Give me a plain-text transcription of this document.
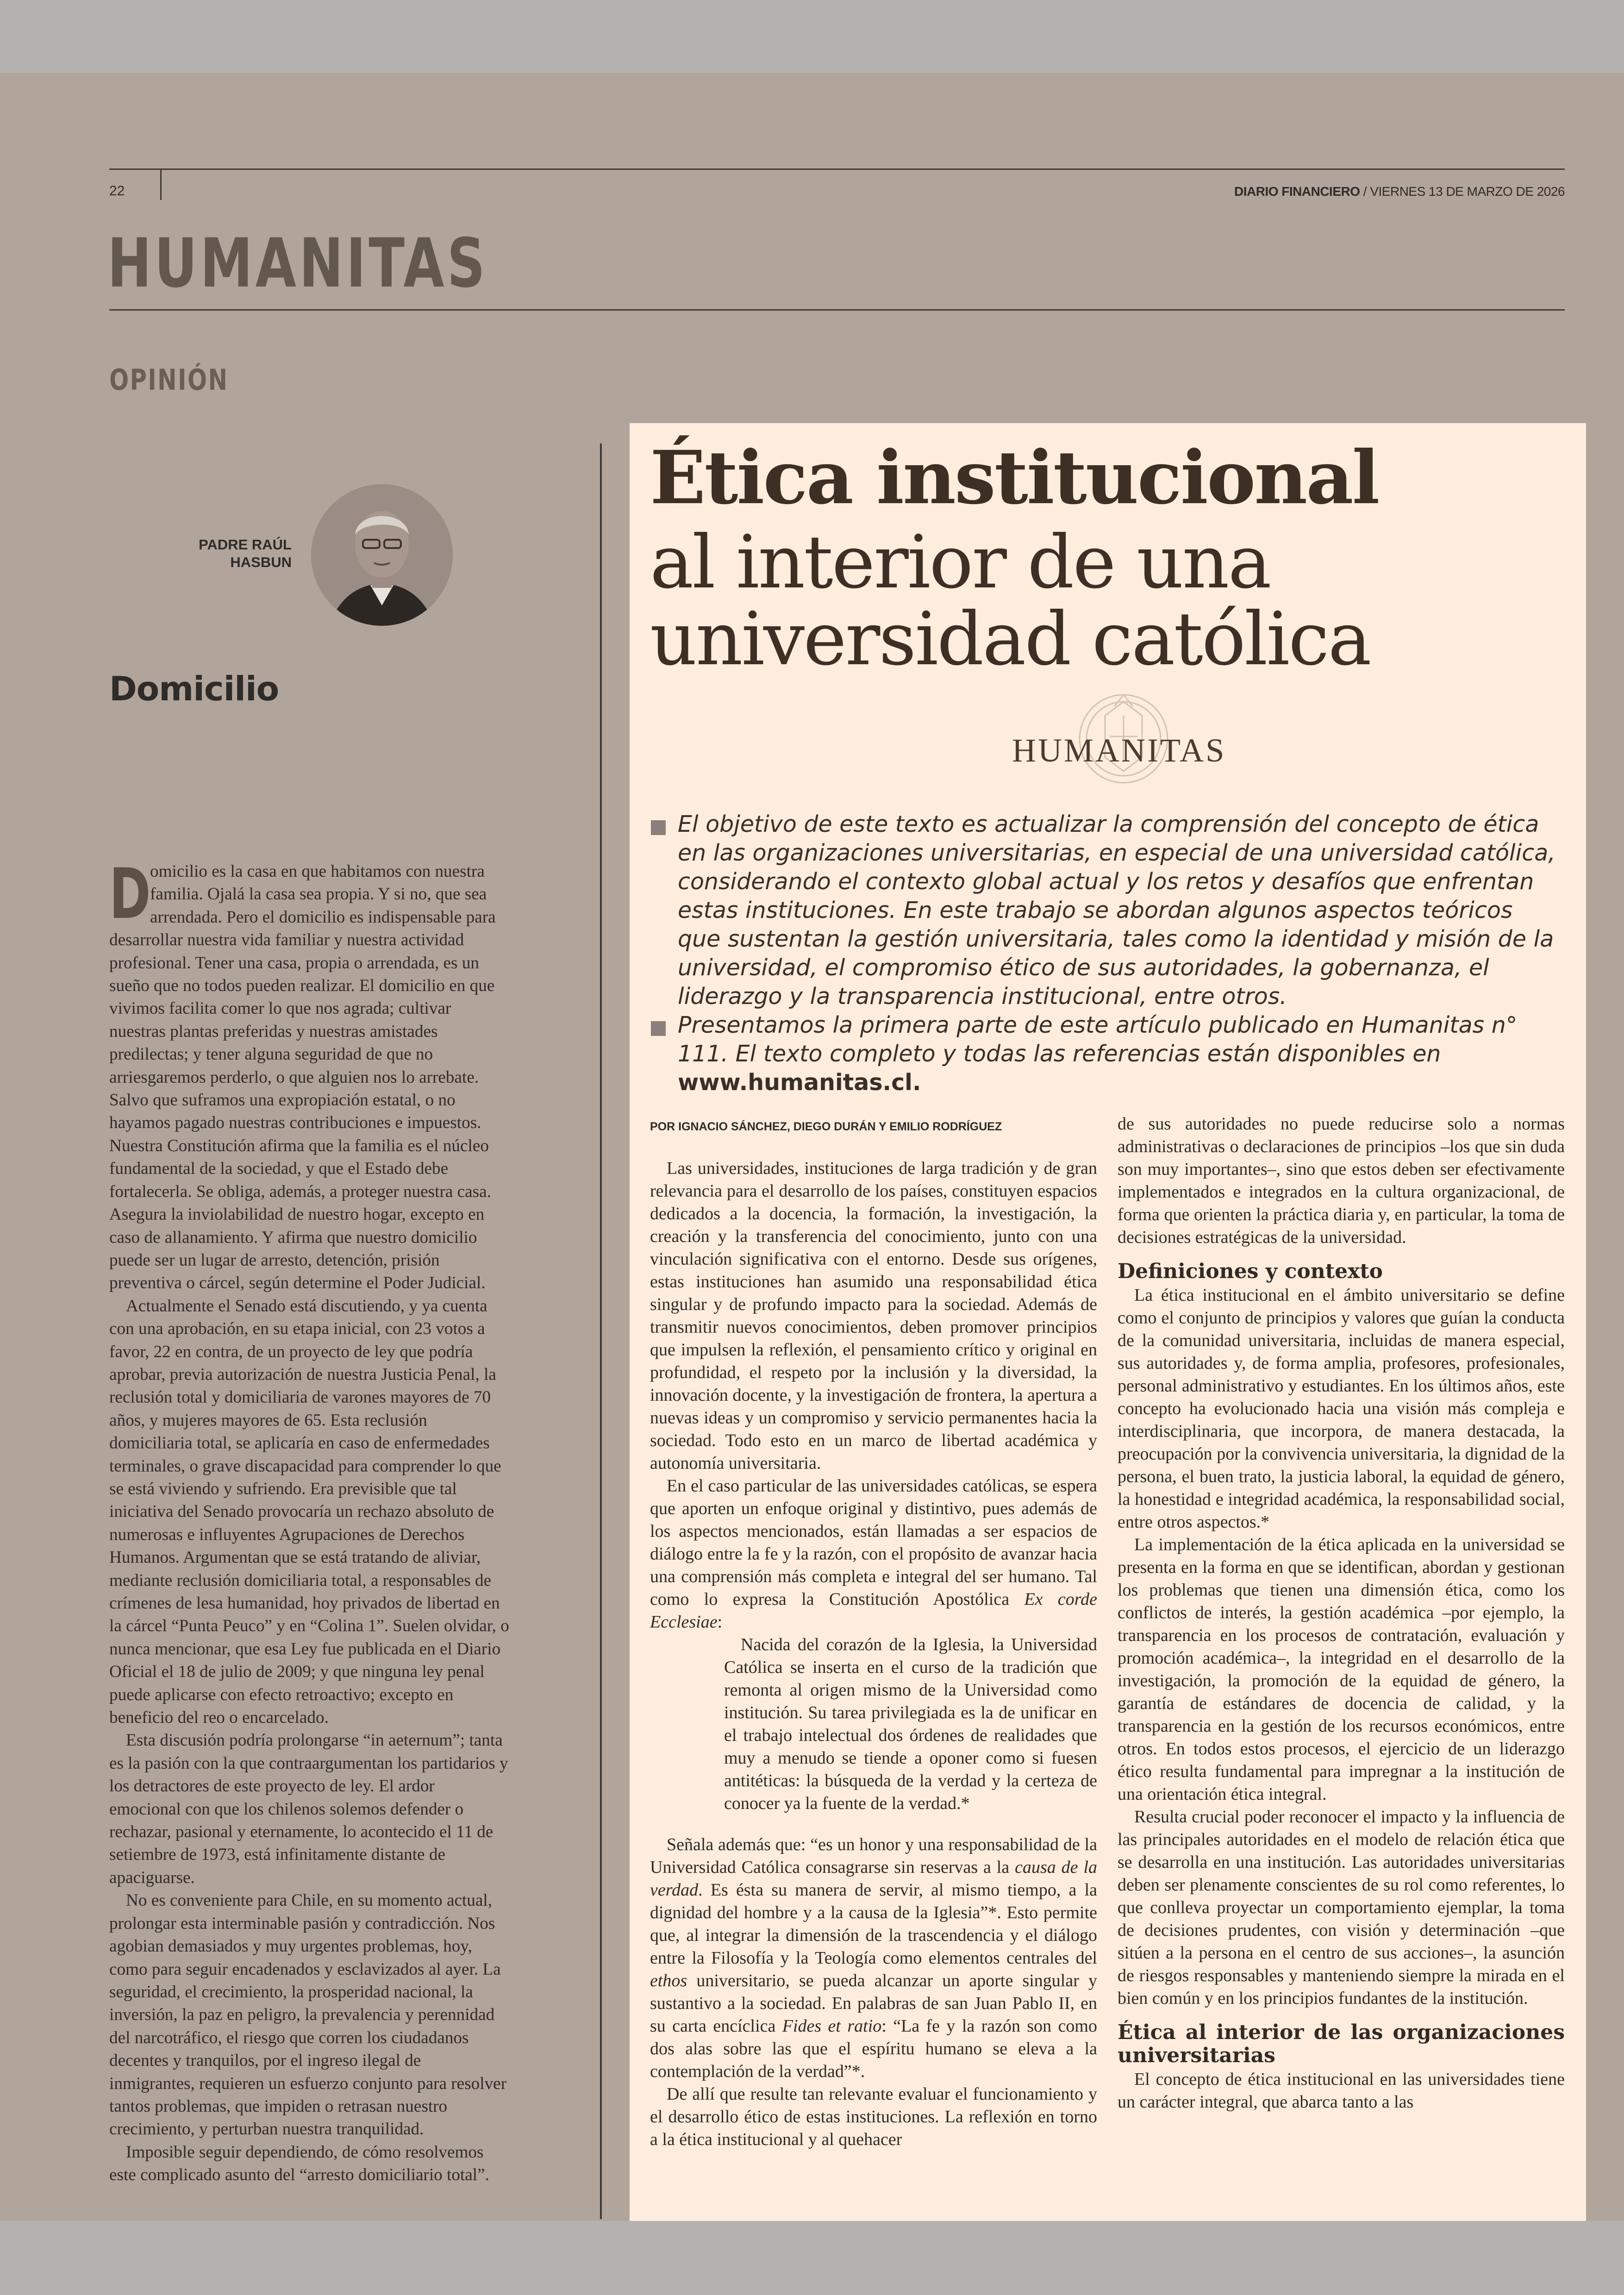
22	DIARIO FINANCIERO / VIERNES 13 DE MARZO DE 2026
HUMANITAS
OPINIÓN
PADRE RAÚL
HASBUN
Domicilio

D
omicilio es la casa en que habitamos con nuestra familia. Ojalá la casa sea propia. Y si no, que sea arrendada. Pero el domicilio es indispensable para desarrollar nuestra vida familiar y nuestra actividad profesional. Tener una casa, propia o arrendada, es un sueño que no todos pueden realizar. El domicilio en que vivimos facilita comer lo que nos agrada; cultivar nuestras plantas preferidas y nuestras amistades predilectas; y tener alguna seguridad de que no arriesgaremos perderlo, o que alguien nos lo arrebate. Salvo que suframos una expropiación estatal, o no hayamos pagado nuestras contribuciones e impuestos. Nuestra Constitución afirma que la familia es el núcleo fundamental de la sociedad, y que el Estado debe fortalecerla. Se obliga, además, a proteger nuestra casa. Asegura la inviolabilidad de nuestro hogar, excepto en caso de allanamiento. Y afirma que nuestro domicilio puede ser un lugar de arresto, detención, prisión preventiva o cárcel, según determine el Poder Judicial.

Actualmente el Senado está discutiendo, y ya cuenta con una aprobación, en su etapa inicial, con 23 votos a favor, 22 en contra, de un proyecto de ley que podría aprobar, previa autorización de nuestra Justicia Penal, la reclusión total y domiciliaria de varones mayores de 70 años, y mujeres mayores de 65. Esta reclusión domiciliaria total, se aplicaría en caso de enfermedades terminales, o grave discapacidad para comprender lo que se está viviendo y sufriendo. Era previsible que tal iniciativa del Senado provocaría un rechazo absoluto de numerosas e influyentes Agrupaciones de Derechos Humanos. Argumentan que se está tratando de aliviar, mediante reclusión domiciliaria total, a responsables de crímenes de lesa humanidad, hoy privados de libertad en la cárcel “Punta Peuco” y en “Colina 1”. Suelen olvidar, o nunca mencionar, que esa Ley fue publicada en el Diario Oficial el 18 de julio de 2009; y que ninguna ley penal puede aplicarse con efecto retroactivo; excepto en beneficio del reo o encarcelado.

Esta discusión podría prolongarse “in aeternum”; tanta es la pasión con la que contraargumentan los partidarios y los detractores de este proyecto de ley. El ardor emocional con que los chilenos solemos defender o rechazar, pasional y eternamente, lo acontecido el 11 de setiembre de 1973, está infinitamente distante de apaciguarse.

No es conveniente para Chile, en su momento actual, prolongar esta interminable pasión y contradicción. Nos agobian demasiados y muy urgentes problemas, hoy, como para seguir encadenados y esclavizados al ayer. La seguridad, el crecimiento, la prosperidad nacional, la inversión, la paz en peligro, la prevalencia y perennidad del narcotráfico, el riesgo que corren los ciudadanos decentes y tranquilos, por el ingreso ilegal de inmigrantes, requieren un esfuerzo conjunto para resolver tantos problemas, que impiden o retrasan nuestro crecimiento, y perturban nuestra tranquilidad.

Imposible seguir dependiendo, de cómo resolvemos este complicado asunto del “arresto domiciliario total”.

Ética institucional
al interior de una
universidad católica
HUMANITAS

El objetivo de este texto es actualizar la comprensión del concepto de ética en las organizaciones universitarias, en especial de una universidad católica, considerando el contexto global actual y los retos y desafíos que enfrentan estas instituciones. En este trabajo se abordan algunos aspectos teóricos que sustentan la gestión universitaria, tales como la identidad y misión de la universidad, el compromiso ético de sus autoridades, la gobernanza, el liderazgo y la transparencia institucional, entre otros.

Presentamos la primera parte de este artículo publicado en Humanitas n° 111. El texto completo y todas las referencias están disponibles en www.humanitas.cl.

POR IGNACIO SÁNCHEZ, DIEGO DURÁN Y EMILIO RODRÍGUEZ

Las universidades, instituciones de larga tradición y de gran relevancia para el desarrollo de los países, constituyen espacios dedicados a la docencia, la formación, la investigación, la creación y la transferencia del conocimiento, junto con una vinculación significativa con el entorno. Desde sus orígenes, estas instituciones han asumido una responsabilidad ética singular y de profundo impacto para la sociedad. Además de transmitir nuevos conocimientos, deben promover principios que impulsen la reflexión, el pensamiento crítico y original en profundidad, el respeto por la inclusión y la diversidad, la innovación docente, y la investigación de frontera, la apertura a nuevas ideas y un compromiso y servicio permanentes hacia la sociedad. Todo esto en un marco de libertad académica y autonomía universitaria.

En el caso particular de las universidades católicas, se espera que aporten un enfoque original y distintivo, pues además de los aspectos mencionados, están llamadas a ser espacios de diálogo entre la fe y la razón, con el propósito de avanzar hacia una comprensión más completa e integral del ser humano. Tal como lo expresa la Constitución Apostólica Ex corde Ecclesiae:

Nacida del corazón de la Iglesia, la Universidad Católica se inserta en el curso de la tradición que remonta al origen mismo de la Universidad como institución. Su tarea privilegiada es la de unificar en el trabajo intelectual dos órdenes de realidades que muy a menudo se tiende a oponer como si fuesen antitéticas: la búsqueda de la verdad y la certeza de conocer ya la fuente de la verdad.*

Señala además que: “es un honor y una responsabilidad de la Universidad Católica consagrarse sin reservas a la causa de la verdad. Es ésta su manera de servir, al mismo tiempo, a la dignidad del hombre y a la causa de la Iglesia”*. Esto permite que, al integrar la dimensión de la trascendencia y el diálogo entre la Filosofía y la Teología como elementos centrales del ethos universitario, se pueda alcanzar un aporte singular y sustantivo a la sociedad. En palabras de san Juan Pablo II, en su carta encíclica Fides et ratio: “La fe y la razón son como dos alas sobre las que el espíritu humano se eleva a la contemplación de la verdad”*.

De allí que resulte tan relevante evaluar el funcionamiento y el desarrollo ético de estas instituciones. La reflexión en torno a la ética institucional y al quehacer

de sus autoridades no puede reducirse solo a normas administrativas o declaraciones de principios –los que sin duda son muy importantes–, sino que estos deben ser efectivamente implementados e integrados en la cultura organizacional, de forma que orienten la práctica diaria y, en particular, la toma de decisiones estratégicas de la universidad.

Definiciones y contexto

La ética institucional en el ámbito universitario se define como el conjunto de principios y valores que guían la conducta de la comunidad universitaria, incluidas de manera especial, sus autoridades y, de forma amplia, profesores, profesionales, personal administrativo y estudiantes. En los últimos años, este concepto ha evolucionado hacia una visión más compleja e interdisciplinaria, que incorpora, de manera destacada, la preocupación por la convivencia universitaria, la dignidad de la persona, el buen trato, la justicia laboral, la equidad de género, la honestidad e integridad académica, la responsabilidad social, entre otros aspectos.*

La implementación de la ética aplicada en la universidad se presenta en la forma en que se identifican, abordan y gestionan los problemas que tienen una dimensión ética, como los conflictos de interés, la gestión académica –por ejemplo, la transparencia en los procesos de contratación, evaluación y promoción académica–, la integridad en el desarrollo de la investigación, la promoción de la equidad de género, la garantía de estándares de docencia de calidad, y la transparencia en la gestión de los recursos económicos, entre otros. En todos estos procesos, el ejercicio de un liderazgo ético resulta fundamental para impregnar a la institución de una orientación ética integral.

Resulta crucial poder reconocer el impacto y la influencia de las principales autoridades en el modelo de relación ética que se desarrolla en una institución. Las autoridades universitarias deben ser plenamente conscientes de su rol como referentes, lo que conlleva proyectar un comportamiento ejemplar, la toma de decisiones prudentes, con visión y determinación –que sitúen a la persona en el centro de sus acciones–, la asunción de riesgos responsables y manteniendo siempre la mirada en el bien común y en los principios fundantes de la institución.

Ética al interior de las organizaciones universitarias

El concepto de ética institucional en las universidades tiene un carácter integral, que abarca tanto a las
